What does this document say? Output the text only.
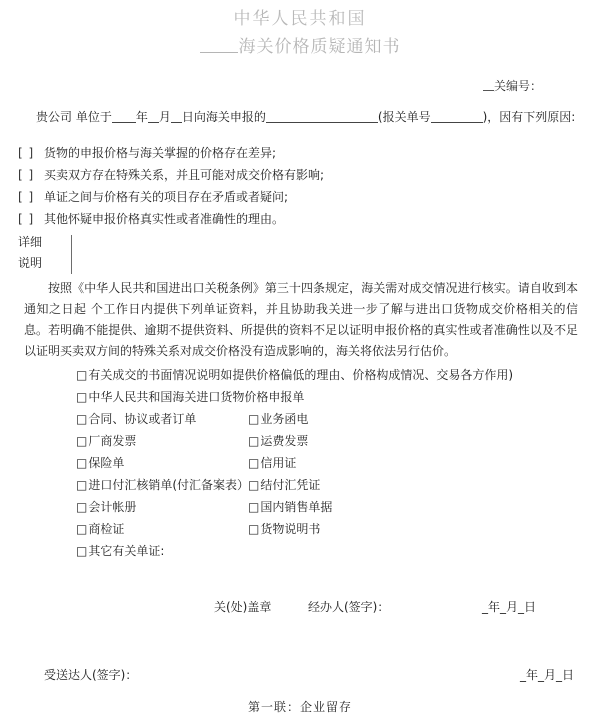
中华人民共和国
海关价格质疑通知书
关编号：
贵公司 单位于 年 月 日向海关申报的	(报关单号	)，因有下列原因:
[ ] 货物的申报价格与海关掌握的价格存在差异;
[ ] 买卖双方存在特殊关系，并且可能对成交价格有影响;
[ ] 单证之间与价格有关的项目存在矛盾或者疑问;
[ ] 其他怀疑申报价格真实性或者准确性的理由。
详细
说明
按照《中华人民共和国进出口关税条例》第三十四条规定，海关需对成交情况进行核实。请自收到本通知之日起 个工作日内提供下列单证资料，并且协助我关进一步了解与进出口货物成交价格相关的信息。若明确不能提供、逾期不提供资料、所提供的资料不足以证明申报价格的真实性或者准确性以及不足以证明买卖双方间的特殊关系对成交价格没有造成影响的，海关将依法另行估价。
□有关成交的书面情况说明如提供价格偏低的理由、价格构成情况、交易各方作用)
□中华人民共和国海关进口货物价格申报单
□合同、协议或者订单	□业务函电
□厂商发票	□运费发票
□保险单	□信用证
□进口付汇核销单(付汇备案表）□结付汇凭证
□会计帐册	□国内销售单据
□商检证	□货物说明书
□其它有关单证:
关(处)盖章	经办人(签字)：	_年_月_日
受送达人(签字)：	_年_月_日
第一联：企业留存
